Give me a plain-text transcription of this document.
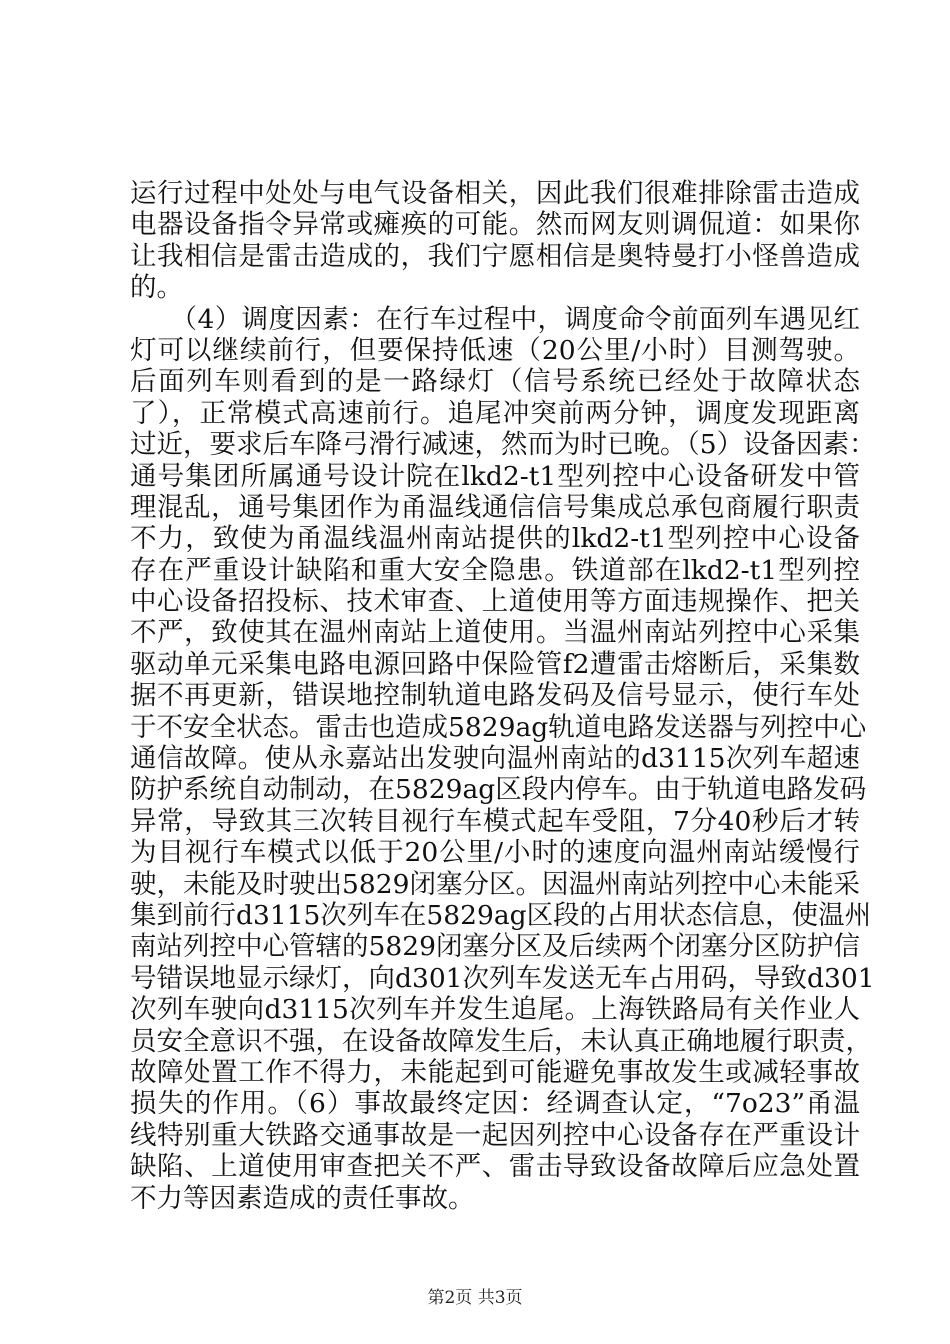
运行过程中处处与电气设备相关，因此我们很难排除雷击造成
电器设备指令异常或瘫痪的可能。然而网友则调侃道：如果你
让我相信是雷击造成的，我们宁愿相信是奥特曼打小怪兽造成
的。
　　（4）调度因素：在行车过程中，调度命令前面列车遇见红
灯可以继续前行，但要保持低速（20公里/小时）目测驾驶。
后面列车则看到的是一路绿灯（信号系统已经处于故障状态
了），正常模式高速前行。追尾冲突前两分钟，调度发现距离
过近，要求后车降弓滑行减速，然而为时已晚。（5）设备因素：
通号集团所属通号设计院在lkd2-t1型列控中心设备研发中管
理混乱，通号集团作为甬温线通信信号集成总承包商履行职责
不力，致使为甬温线温州南站提供的lkd2-t1型列控中心设备
存在严重设计缺陷和重大安全隐患。铁道部在lkd2-t1型列控
中心设备招投标、技术审查、上道使用等方面违规操作、把关
不严，致使其在温州南站上道使用。当温州南站列控中心采集
驱动单元采集电路电源回路中保险管f2遭雷击熔断后，采集数
据不再更新，错误地控制轨道电路发码及信号显示，使行车处
于不安全状态。雷击也造成5829ag轨道电路发送器与列控中心
通信故障。使从永嘉站出发驶向温州南站的d3115次列车超速
防护系统自动制动，在5829ag区段内停车。由于轨道电路发码
异常，导致其三次转目视行车模式起车受阻，7分40秒后才转
为目视行车模式以低于20公里/小时的速度向温州南站缓慢行
驶，未能及时驶出5829闭塞分区。因温州南站列控中心未能采
集到前行d3115次列车在5829ag区段的占用状态信息，使温州
南站列控中心管辖的5829闭塞分区及后续两个闭塞分区防护信
号错误地显示绿灯，向d301次列车发送无车占用码，导致d301
次列车驶向d3115次列车并发生追尾。上海铁路局有关作业人
员安全意识不强，在设备故障发生后，未认真正确地履行职责，
故障处置工作不得力，未能起到可能避免事故发生或减轻事故
损失的作用。（6）事故最终定因：经调查认定，“7o23”甬温
线特别重大铁路交通事故是一起因列控中心设备存在严重设计
缺陷、上道使用审查把关不严、雷击导致设备故障后应急处置
不力等因素造成的责任事故。
第2页 共3页
